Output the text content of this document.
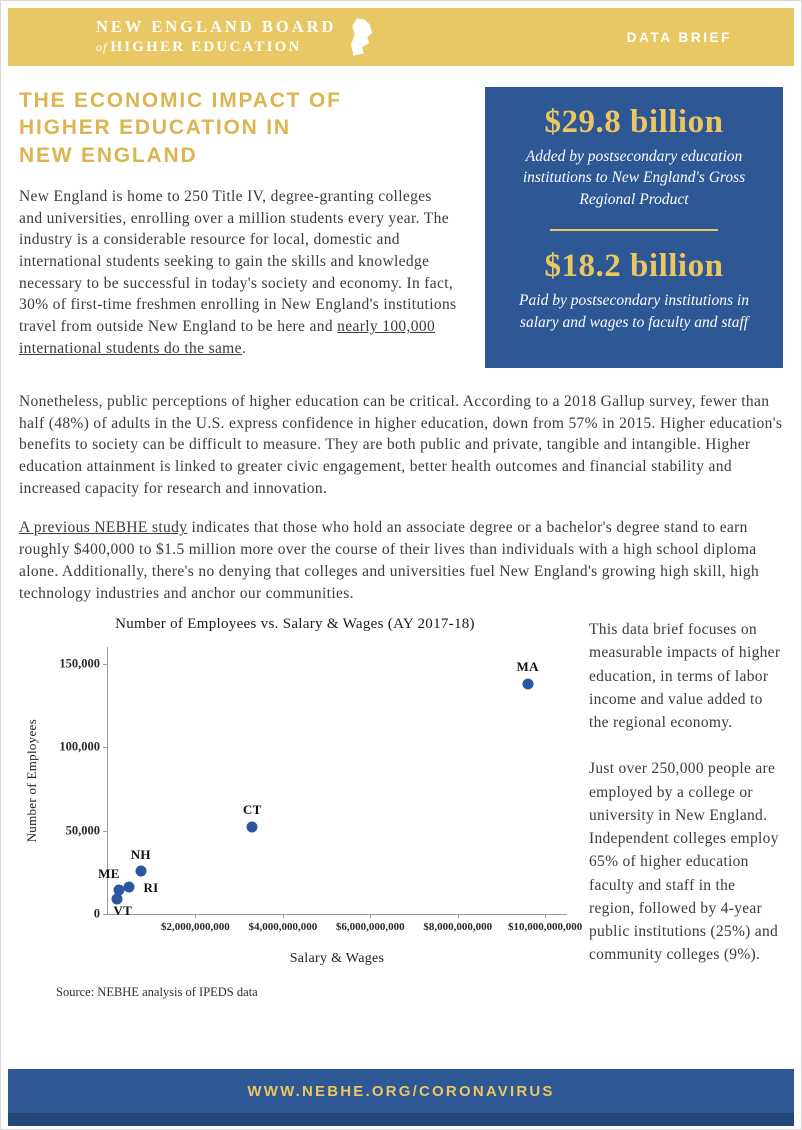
NEW ENGLAND BOARD
of HIGHER EDUCATION
DATA BRIEF
THE ECONOMIC IMPACT OF
HIGHER EDUCATION IN
NEW ENGLAND

New England is home to 250 Title IV, degree-granting colleges and universities, enrolling over a million students every year. The industry is a considerable resource for local, domestic and international students seeking to gain the skills and knowledge necessary to be successful in today's society and economy. In fact, 30% of first-time freshmen enrolling in New England's institutions travel from outside New England to be here and nearly 100,000 international students do the same.

$29.8 billion
Added by postsecondary education institutions to New England's Gross Regional Product
$18.2 billion
Paid by postsecondary institutions in salary and wages to faculty and staff

Nonetheless, public perceptions of higher education can be critical. According to a 2018 Gallup survey, fewer than half (48%) of adults in the U.S. express confidence in higher education, down from 57% in 2015. Higher education's benefits to society can be difficult to measure. They are both public and private, tangible and intangible. Higher education attainment is linked to greater civic engagement, better health outcomes and financial stability and increased capacity for research and innovation.

A previous NEBHE study indicates that those who hold an associate degree or a bachelor's degree stand to earn roughly $400,000 to $1.5 million more over the course of their lives than individuals with a high school diploma alone. Additionally, there's no denying that colleges and universities fuel New England's growing high skill, high technology industries and anchor our communities.

Number of Employees vs. Salary & Wages (AY 2017-18)
Number of Employees
0
50,000
100,000
150,000
$2,000,000,000 $4,000,000,000 $6,000,000,000 $8,000,000,000 $10,000,000,000
MA
CT
NH
RI
ME
VT
Salary & Wages
Source: NEBHE analysis of IPEDS data

This data brief focuses on measurable impacts of higher education, in terms of labor income and value added to the regional economy.

Just over 250,000 people are employed by a college or university in New England. Independent colleges employ 65% of higher education faculty and staff in the region, followed by 4-year public institutions (25%) and community colleges (9%).

WWW.NEBHE.ORG/CORONAVIRUS
